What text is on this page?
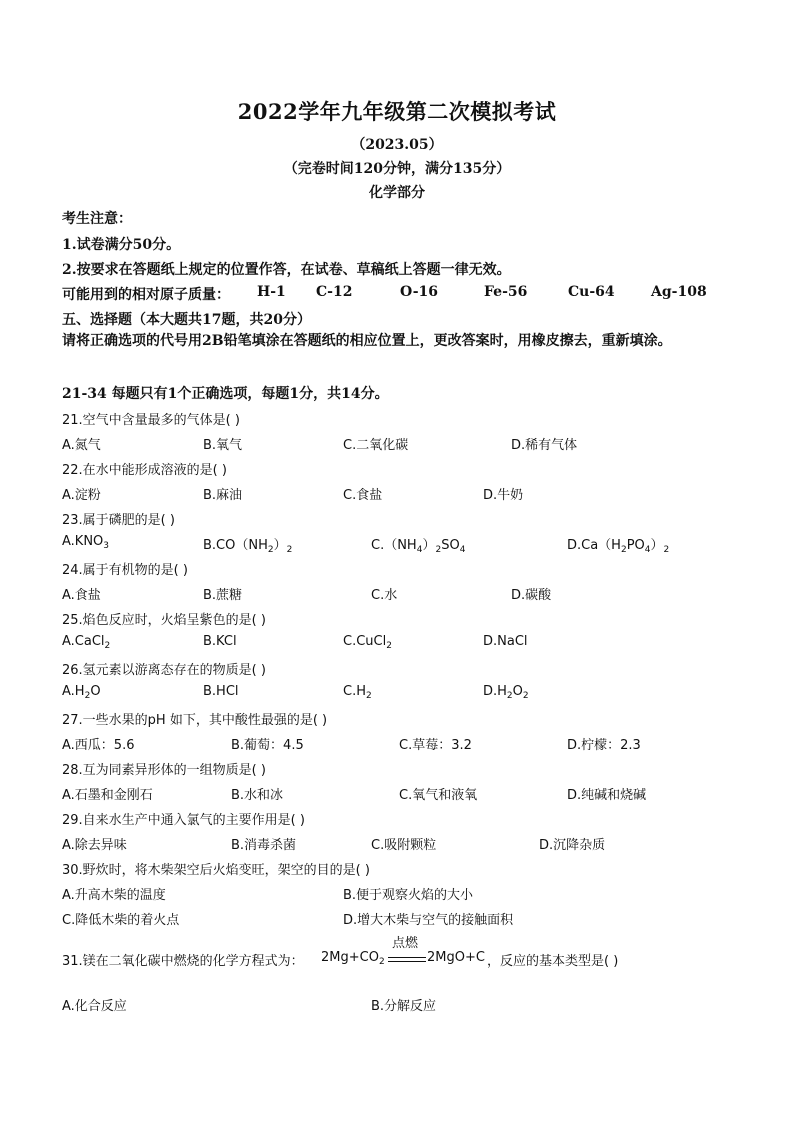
2022学年九年级第二次模拟考试
（2023.05）
（完卷时间120分钟，满分135分）
化学部分
考生注意：
1.试卷满分50分。
2.按要求在答题纸上规定的位置作答，在试卷、草稿纸上答题一律无效。
可能用到的相对原子质量： H-1 C-12	O-16	Fe-56	Cu-64	Ag-108
五、选择题（本大题共17题，共20分）
请将正确选项的代号用2B铅笔填涂在答题纸的相应位置上，更改答案时，用橡皮擦去，重新填涂。
21-34 每题只有1个正确选项，每题1分，共14分。
21.空气中含量最多的气体是( )
A.氮气	B.氧气	C.二氧化碳	D.稀有气体
22.在水中能形成溶液的是( )
A.淀粉	B.麻油	C.食盐	D.牛奶
23.属于磷肥的是( )
$A.KNO_3$	$B.CO(NH_2)_2$	$C.(NH_4)_2SO_4$	$D.Ca(H_2PO_4)_2$
24.属于有机物的是( )
A.食盐	B.蔗糖	C.水	D.碳酸
25.焰色反应时，火焰呈紫色的是( )
A.CaCl$_2$	B.KCl	C.CuCl$_2$	D.NaCl
26.氢元素以游离态存在的物质是( )
$A.H_2O$	B.HCl	$C.H_2$	$D.H_2O_2$
27.一些水果的pH 如下，其中酸性最强的是( )
A.西瓜：5.6	B.葡萄：4.5	C.草莓：3.2	D.柠檬：2.3
28.互为同素异形体的一组物质是( )
A.石墨和金刚石	B.水和冰	C.氧气和液氧	D.纯碱和烧碱
29.自来水生产中通入氯气的主要作用是( )
A.除去异味	B.消毒杀菌	C.吸附颗粒	D.沉降杂质
30.野炊时，将木柴架空后火焰变旺，架空的目的是( )
A.升高木柴的温度	B.便于观察火焰的大小
C.降低木柴的着火点	D.增大木柴与空气的接触面积
31.镁在二氧化碳中燃烧的化学方程式为： $2Mg+CO_2$
点燃
2MgO+C ，反应的基本类型是( )
A.化合反应	B.分解反应
